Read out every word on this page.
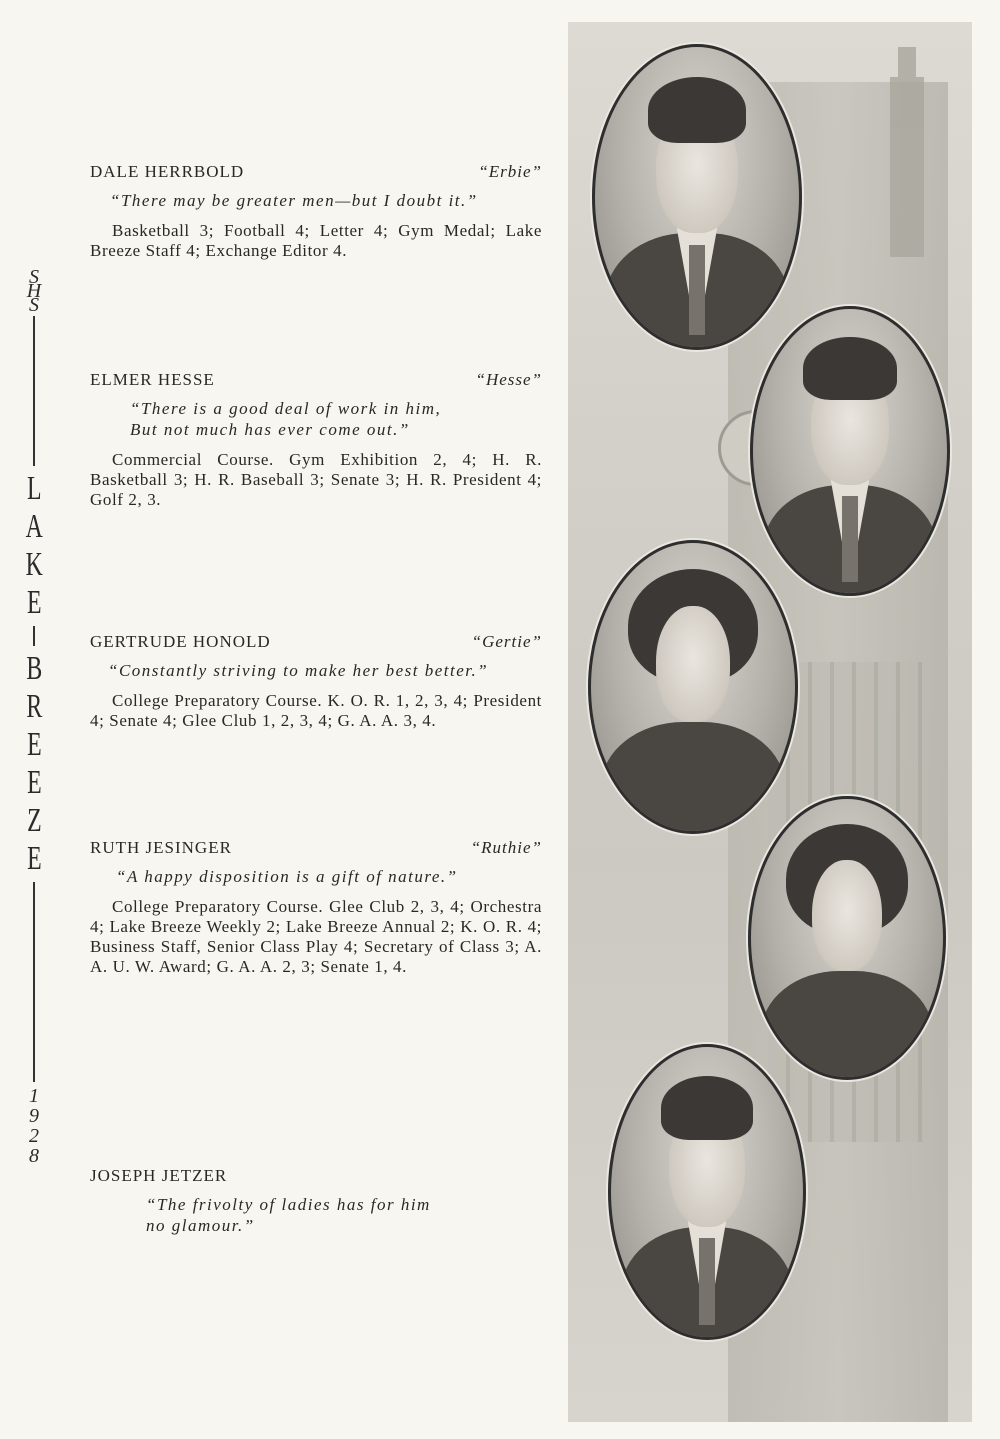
S
H
S
L
A
K
E
B
R
E
E
Z
E
1
9
2
8
DALE HERRBOLD	“Erbie”
“There may be greater men—but I doubt it.”
Basketball 3; Football 4; Letter 4; Gym Medal; Lake Breeze Staff 4; Exchange Editor 4.
ELMER HESSE	“Hesse”
“There is a good deal of work in him,
But not much has ever come out.”
Commercial Course. Gym Exhibition 2, 4; H. R. Basketball 3; H. R. Baseball 3; Senate 3; H. R. President 4; Golf 2, 3.
GERTRUDE HONOLD	“Gertie”
“Constantly striving to make her best better.”
College Preparatory Course. K. O. R. 1, 2, 3, 4; President 4; Senate 4; Glee Club 1, 2, 3, 4; G. A. A. 3, 4.
RUTH JESINGER	“Ruthie”
“A happy disposition is a gift of nature.”
College Preparatory Course. Glee Club 2, 3, 4; Orchestra 4; Lake Breeze Weekly 2; Lake Breeze Annual 2; K. O. R. 4; Business Staff, Senior Class Play 4; Secretary of Class 3; A. A. U. W. Award; G. A. A. 2, 3; Senate 1, 4.
JOSEPH JETZER
“The frivolty of ladies has for him
no glamour.”
